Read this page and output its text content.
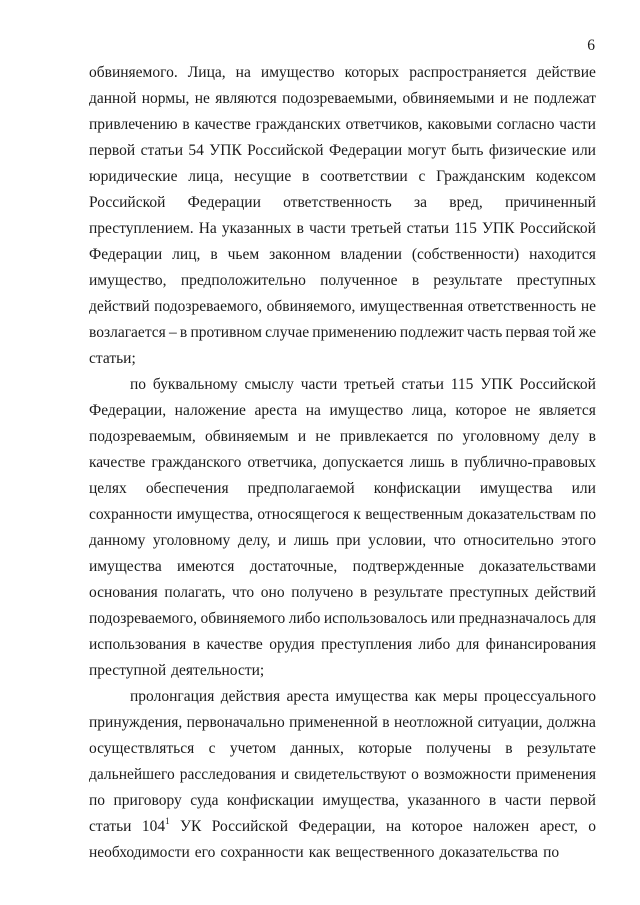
6
обвиняемого. Лица, на имущество которых распространяется действие
данной нормы, не являются подозреваемыми, обвиняемыми и не подлежат
привлечению в качестве гражданских ответчиков, каковыми согласно части
первой статьи 54 УПК Российской Федерации могут быть физические или
юридические лица, несущие в соответствии с Гражданским кодексом
Российской Федерации ответственность за вред, причиненный
преступлением. На указанных в части третьей статьи 115 УПК Российской
Федерации лиц, в чьем законном владении (собственности) находится
имущество, предположительно полученное в результате преступных
действий подозреваемого, обвиняемого, имущественная ответственность не
возлагается – в противном случае применению подлежит часть первая той же
статьи;
по буквальному смыслу части третьей статьи 115 УПК Российской
Федерации, наложение ареста на имущество лица, которое не является
подозреваемым, обвиняемым и не привлекается по уголовному делу в
качестве гражданского ответчика, допускается лишь в публично-правовых
целях обеспечения предполагаемой конфискации имущества или
сохранности имущества, относящегося к вещественным доказательствам по
данному уголовному делу, и лишь при условии, что относительно этого
имущества имеются достаточные, подтвержденные доказательствами
основания полагать, что оно получено в результате преступных действий
подозреваемого, обвиняемого либо использовалось или предназначалось для
использования в качестве орудия преступления либо для финансирования
преступной деятельности;
пролонгация действия ареста имущества как меры процессуального
принуждения, первоначально примененной в неотложной ситуации, должна
осуществляться с учетом данных, которые получены в результате
дальнейшего расследования и свидетельствуют о возможности применения
по приговору суда конфискации имущества, указанного в части первой
статьи $104^1$ УК Российской Федерации, на которое наложен арест, о
необходимости его сохранности как вещественного доказательства по
